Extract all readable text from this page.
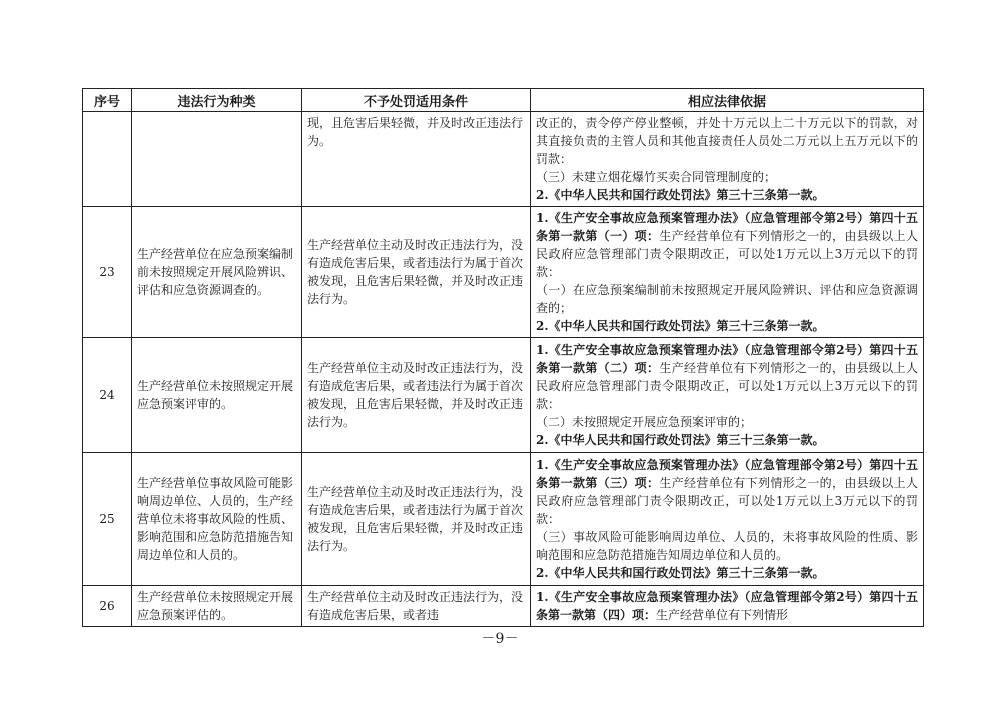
序号	违法行为种类	不予处罚适用条件	相应法律依据
		现，且危害后果轻微，并及时改正违法行为。	改正的，责令停产停业整顿，并处十万元以上二十万元以下的罚款，对其直接负责的主管人员和其他直接责任人员处二万元以上五万元以下的罚款：
（三）未建立烟花爆竹买卖合同管理制度的；
2.《中华人民共和国行政处罚法》第三十三条第一款。

23	生产经营单位在应急预案编制前未按照规定开展风险辨识、评估和应急资源调查的。	生产经营单位主动及时改正违法行为，没有造成危害后果，或者违法行为属于首次被发现，且危害后果轻微，并及时改正违法行为。	1.《生产安全事故应急预案管理办法》（应急管理部令第2号）第四十五条第一款第（一）项：生产经营单位有下列情形之一的，由县级以上人民政府应急管理部门责令限期改正，可以处1万元以上3万元以下的罚款：
（一）在应急预案编制前未按照规定开展风险辨识、评估和应急资源调查的；
2.《中华人民共和国行政处罚法》第三十三条第一款。

24	生产经营单位未按照规定开展应急预案评审的。	生产经营单位主动及时改正违法行为，没有造成危害后果，或者违法行为属于首次被发现，且危害后果轻微，并及时改正违法行为。	1.《生产安全事故应急预案管理办法》（应急管理部令第2号）第四十五条第一款第（二）项：生产经营单位有下列情形之一的，由县级以上人民政府应急管理部门责令限期改正，可以处1万元以上3万元以下的罚款：
（二）未按照规定开展应急预案评审的；
2.《中华人民共和国行政处罚法》第三十三条第一款。

25	生产经营单位事故风险可能影响周边单位、人员的，生产经营单位未将事故风险的性质、影响范围和应急防范措施告知周边单位和人员的。	生产经营单位主动及时改正违法行为，没有造成危害后果，或者违法行为属于首次被发现，且危害后果轻微，并及时改正违法行为。	1.《生产安全事故应急预案管理办法》（应急管理部令第2号）第四十五条第一款第（三）项：生产经营单位有下列情形之一的，由县级以上人民政府应急管理部门责令限期改正，可以处1万元以上3万元以下的罚款：
（三）事故风险可能影响周边单位、人员的，未将事故风险的性质、影响范围和应急防范措施告知周边单位和人员的。
2.《中华人民共和国行政处罚法》第三十三条第一款。

26	生产经营单位未按照规定开展应急预案评估的。	生产经营单位主动及时改正违法行为，没有造成危害后果，或者违	1.《生产安全事故应急预案管理办法》（应急管理部令第2号）第四十五条第一款第（四）项：生产经营单位有下列情形
－9－
